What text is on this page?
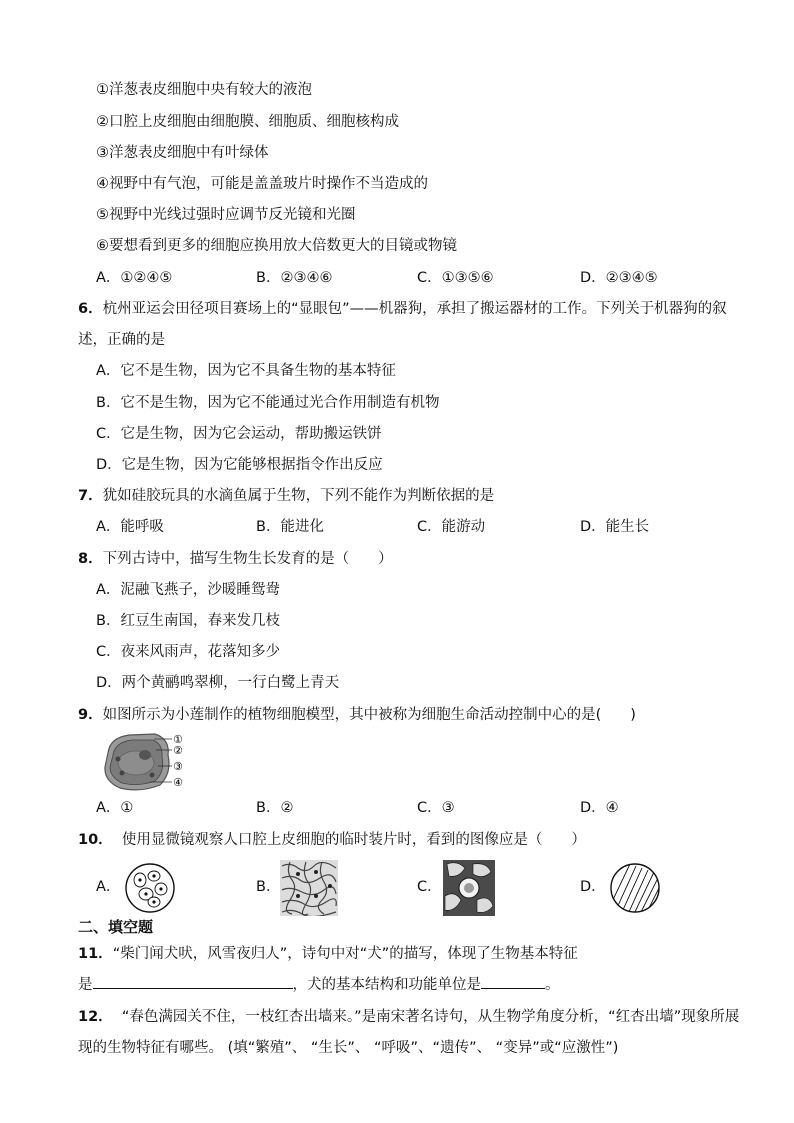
①洋葱表皮细胞中央有较大的液泡
②口腔上皮细胞由细胞膜、细胞质、细胞核构成
③洋葱表皮细胞中有叶绿体
④视野中有气泡，可能是盖盖玻片时操作不当造成的
⑤视野中光线过强时应调节反光镜和光圈
⑥要想看到更多的细胞应换用放大倍数更大的目镜或物镜
A．①②④⑤	B．②③④⑥	C．①③⑤⑥	D．②③④⑤
6．杭州亚运会田径项目赛场上的“显眼包”——机器狗，承担了搬运器材的工作。下列关于机器狗的叙
述，正确的是
A．它不是生物，因为它不具备生物的基本特征
B．它不是生物，因为它不能通过光合作用制造有机物
C．它是生物，因为它会运动，帮助搬运铁饼
D．它是生物，因为它能够根据指令作出反应
7．犹如硅胶玩具的水滴鱼属于生物，下列不能作为判断依据的是
A．能呼吸	B．能进化	C．能游动	D．能生长
8．下列古诗中，描写生物生长发育的是（　　）
A．泥融飞燕子，沙暖睡鸳鸯
B．红豆生南国，春来发几枝
C．夜来风雨声，花落知多少
D．两个黄鹂鸣翠柳，一行白鹭上青天
9．如图所示为小莲制作的植物细胞模型，其中被称为细胞生命活动控制中心的是(　　)
①
②
③
④
A．①	B．②	C．③	D．④
10． 使用显微镜观察人口腔上皮细胞的临时装片时，看到的图像应是（　　）
A．	B．	C．	D．
二、填空题
11．“柴门闻犬吠，风雪夜归人”，诗句中对“犬”的描写，体现了生物基本特征
是	，犬的基本结构和功能单位是	。
12． “春色满园关不住，一枝红杏出墙来。”是南宋著名诗句，从生物学角度分析，“红杏出墙”现象所展
现的生物特征有哪些。 (填“繁殖”、 “生长”、 “呼吸”、“遗传”、 “变异”或“应激性”)
